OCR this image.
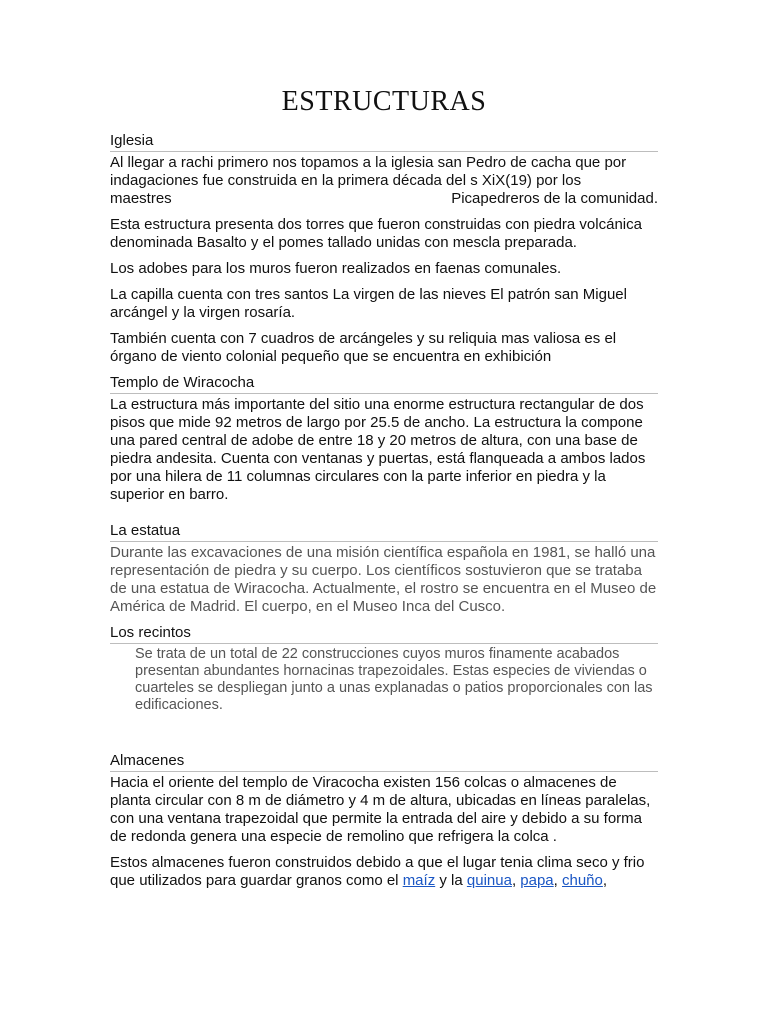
ESTRUCTURAS
Iglesia
Al llegar a rachi primero nos topamos a la iglesia san Pedro de cacha que por indagaciones fue construida en la primera década del s XiX(19) por los
maestres	Picapedreros de la comunidad.
Esta estructura presenta dos torres que fueron construidas con piedra volcánica denominada Basalto y el pomes tallado unidas con mescla preparada.
Los adobes para los muros fueron realizados en faenas comunales.
La capilla cuenta con tres santos La virgen de las nieves El patrón san Miguel arcángel y la virgen rosaría.
También cuenta con 7 cuadros de arcángeles y su reliquia mas valiosa es el órgano de viento colonial pequeño que se encuentra en exhibición
Templo de Wiracocha
La estructura más importante del sitio una enorme estructura rectangular de dos pisos que mide 92 metros de largo por 25.5 de ancho. La estructura la compone una pared central de adobe de entre 18 y 20 metros de altura, con una base de piedra andesita. Cuenta con ventanas y puertas, está flanqueada a ambos lados por una hilera de 11 columnas circulares con la parte inferior en piedra y la superior en barro.
La estatua
Durante las excavaciones de una misión científica española en 1981, se halló una representación de piedra y su cuerpo. Los científicos sostuvieron que se trataba de una estatua de Wiracocha. Actualmente, el rostro se encuentra en el Museo de América de Madrid. El cuerpo, en el Museo Inca del Cusco.
Los recintos
Se trata de un total de 22 construcciones cuyos muros finamente acabados presentan abundantes hornacinas trapezoidales. Estas especies de viviendas o cuarteles se despliegan junto a unas explanadas o patios proporcionales con las edificaciones.
Almacenes
Hacia el oriente del templo de Viracocha existen 156 colcas o almacenes de planta circular con 8 m de diámetro y 4 m de altura, ubicadas en líneas paralelas, con una ventana trapezoidal que permite la entrada del aire y debido a su forma de redonda genera una especie de remolino que refrigera la colca .
Estos almacenes fueron construidos debido a que el lugar tenia clima seco y frio que utilizados para guardar granos como el maíz y la quinua, papa, chuño,
